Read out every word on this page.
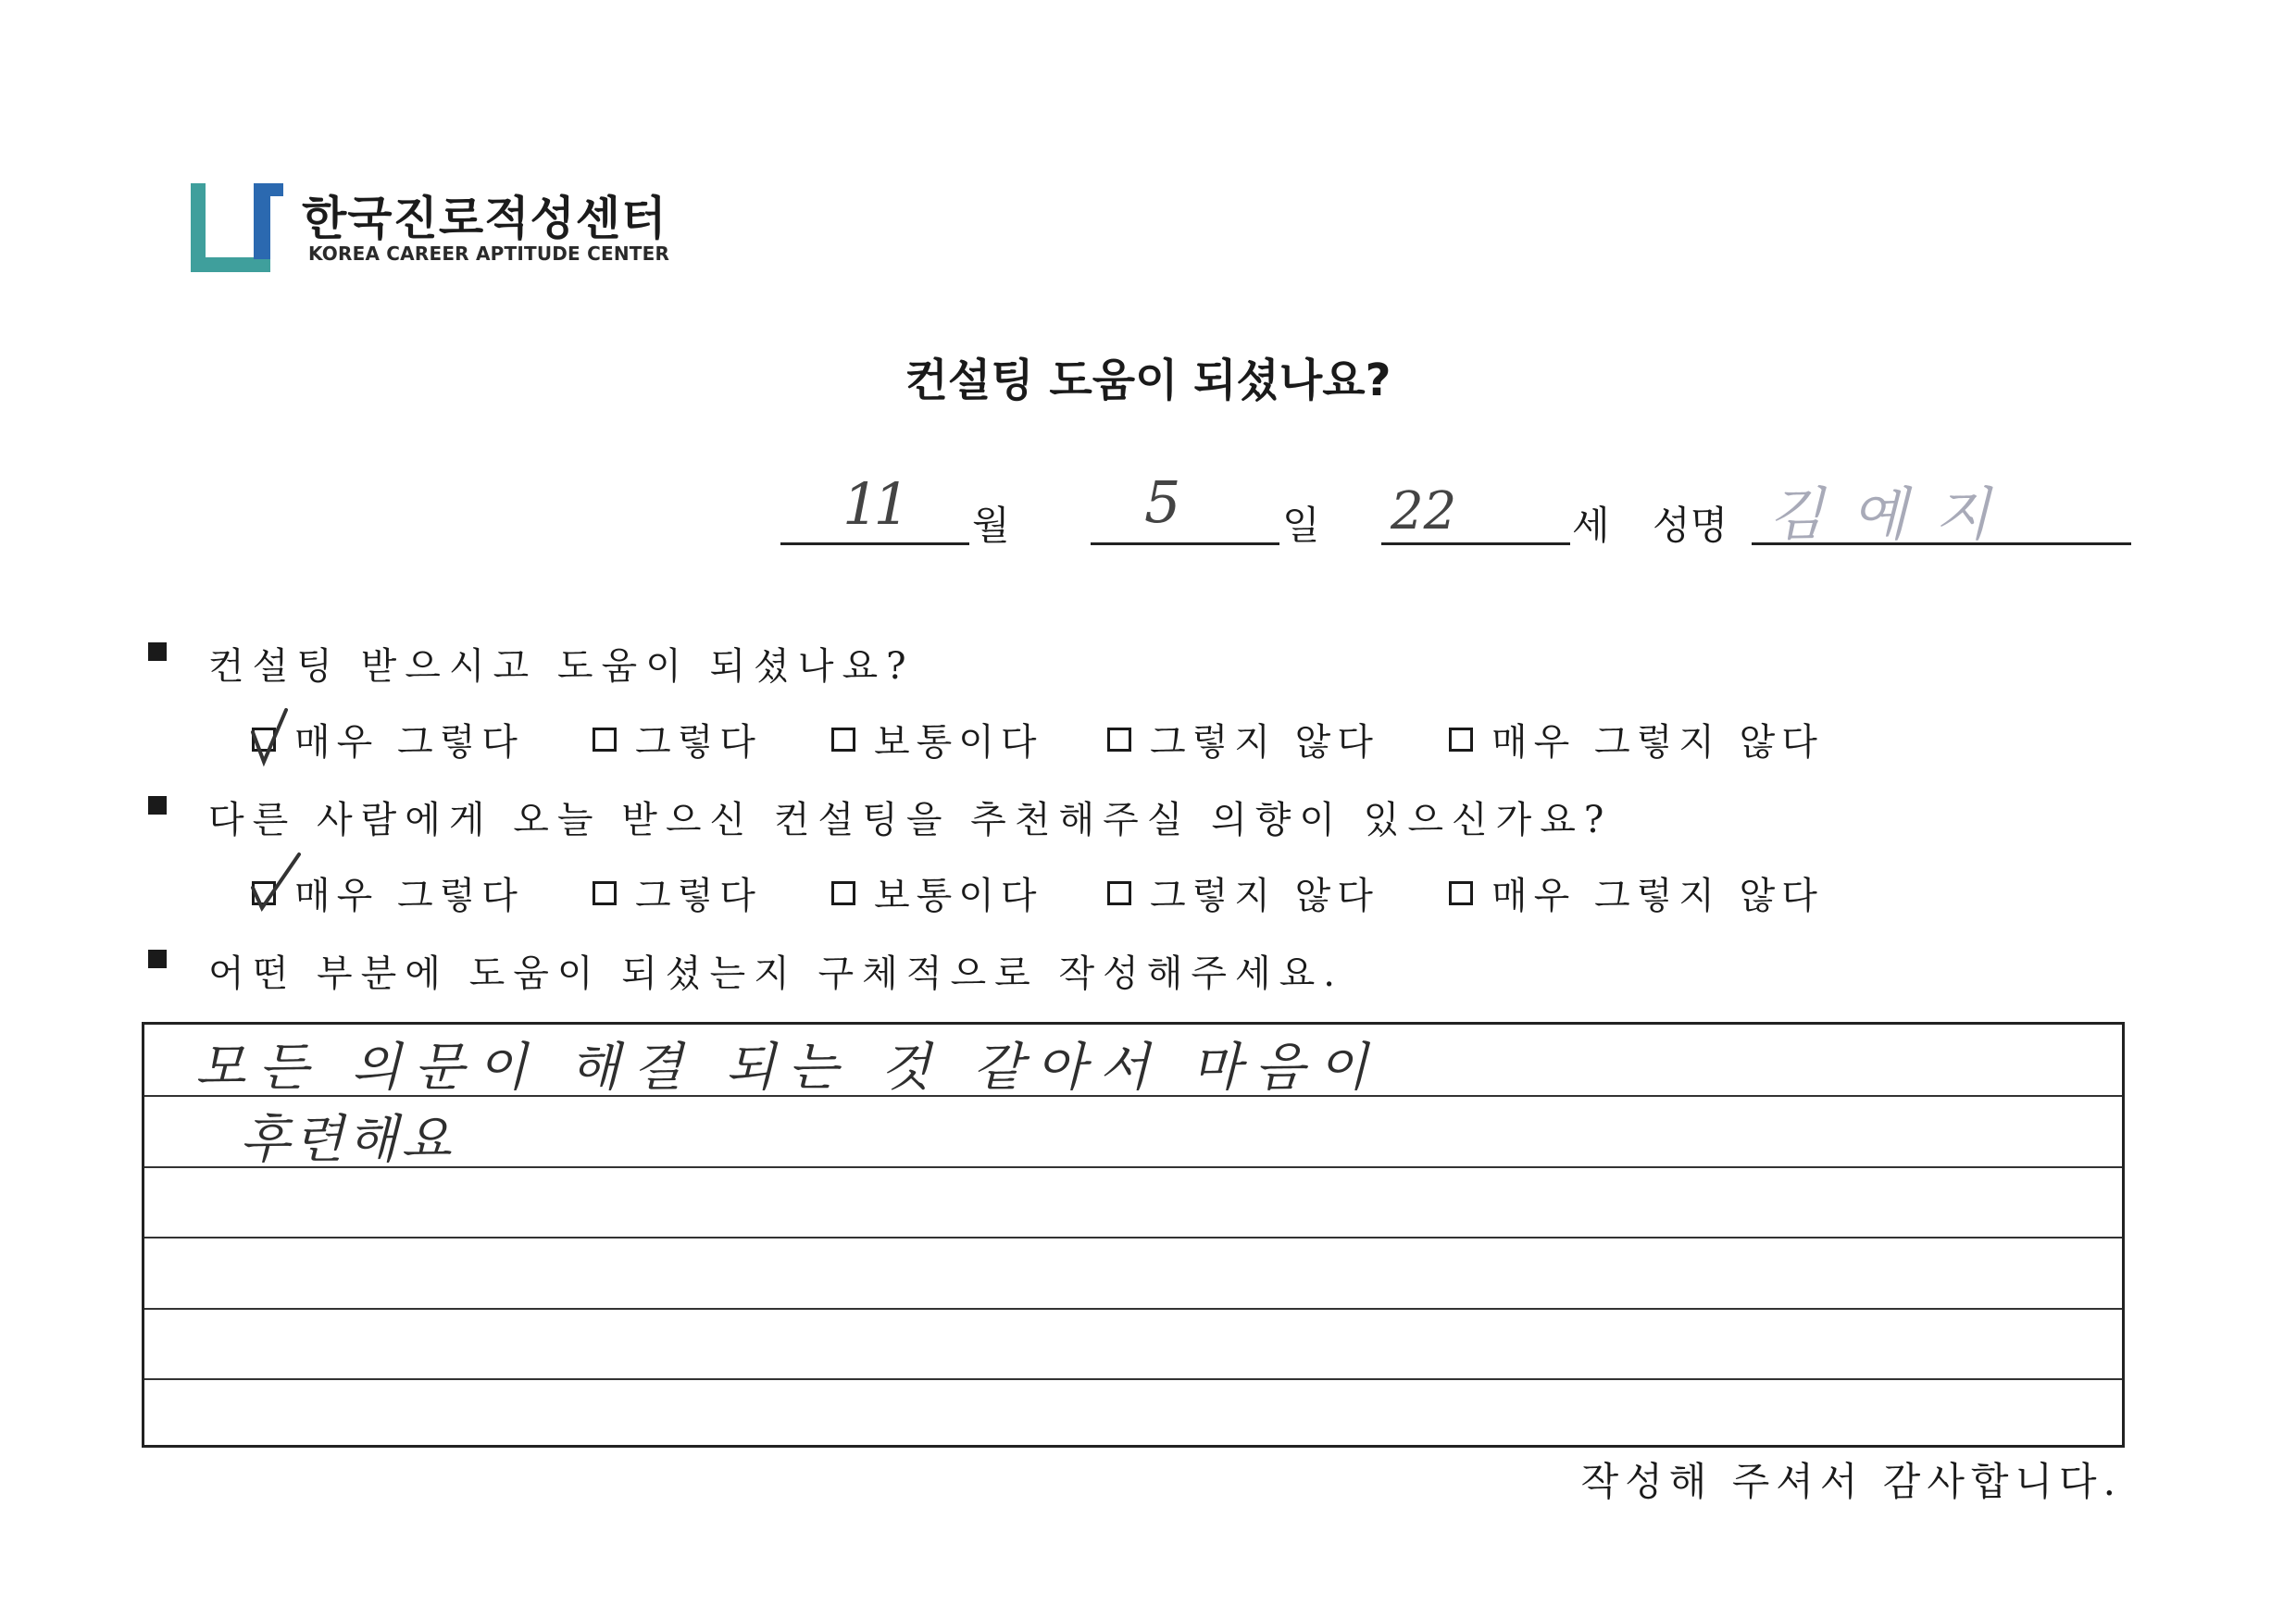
한국진로적성센터
KOREA CAREER APTITUDE CENTER
컨설팅 도움이 되셨나요?
11 월 5	일 22	세 성명 김예지
컨설팅 받으시고 도움이 되셨나요?
매우 그렇다	그렇다	보통이다	그렇지 않다	매우 그렇지 않다
다른 사람에게 오늘 받으신 컨설팅을 추천해주실 의향이 있으신가요?
매우 그렇다	그렇다	보통이다	그렇지 않다	매우 그렇지 않다
어떤 부분에 도움이 되셨는지 구체적으로 작성해주세요.
모든 의문이 해결 되는 것 같아서 마음이
후련해요
작성해 주셔서 감사합니다.
